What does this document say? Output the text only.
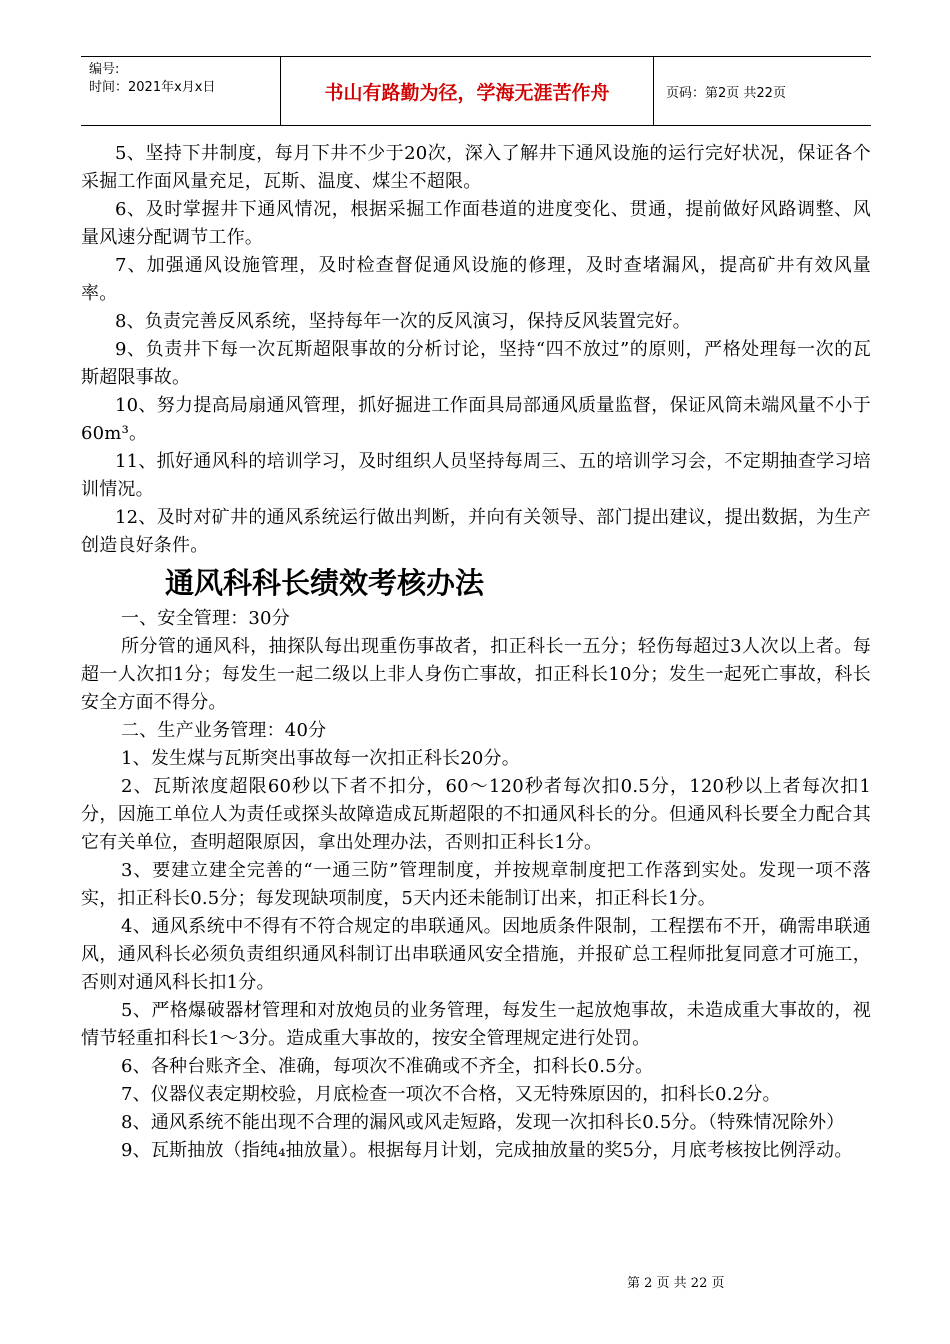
编号:
时间：2021年x月x日	书山有路勤为径，学海无涯苦作舟	页码：第2页 共22页

5、坚持下井制度，每月下井不少于20次，深入了解井下通风设施的运行完好状况，保证各个采掘工作面风量充足，瓦斯、温度、煤尘不超限。

6、及时掌握井下通风情况，根据采掘工作面巷道的进度变化、贯通，提前做好风路调整、风量风速分配调节工作。

7、加强通风设施管理，及时检查督促通风设施的修理，及时查堵漏风，提高矿井有效风量率。

8、负责完善反风系统，坚持每年一次的反风演习，保持反风装置完好。

9、负责井下每一次瓦斯超限事故的分析讨论，坚持“四不放过”的原则，严格处理每一次的瓦斯超限事故。

10、努力提高局扇通风管理，抓好掘进工作面具局部通风质量监督，保证风筒未端风量不小于60m³。

11、抓好通风科的培训学习，及时组织人员坚持每周三、五的培训学习会，不定期抽查学习培训情况。

12、及时对矿井的通风系统运行做出判断，并向有关领导、部门提出建议，提出数据，为生产创造良好条件。

通风科科长绩效考核办法

一、安全管理：30分

所分管的通风科，抽探队每出现重伤事故者，扣正科长一五分；轻伤每超过3人次以上者。每超一人次扣1分；每发生一起二级以上非人身伤亡事故，扣正科长10分；发生一起死亡事故，科长安全方面不得分。

二、生产业务管理：40分

1、发生煤与瓦斯突出事故每一次扣正科长20分。

2、瓦斯浓度超限60秒以下者不扣分，60～120秒者每次扣0.5分，120秒以上者每次扣1分，因施工单位人为责任或探头故障造成瓦斯超限的不扣通风科长的分。但通风科长要全力配合其它有关单位，查明超限原因，拿出处理办法，否则扣正科长1分。

3、要建立建全完善的“一通三防”管理制度，并按规章制度把工作落到实处。发现一项不落实，扣正科长0.5分；每发现缺项制度，5天内还未能制订出来，扣正科长1分。

4、通风系统中不得有不符合规定的串联通风。因地质条件限制，工程摆布不开，确需串联通风，通风科长必须负责组织通风科制订出串联通风安全措施，并报矿总工程师批复同意才可施工，否则对通风科长扣1分。

5、严格爆破器材管理和对放炮员的业务管理，每发生一起放炮事故，未造成重大事故的，视情节轻重扣科长1～3分。造成重大事故的，按安全管理规定进行处罚。

6、各种台账齐全、准确，每项次不准确或不齐全，扣科长0.5分。

7、仪器仪表定期校验，月底检查一项次不合格，又无特殊原因的，扣科长0.2分。

8、通风系统不能出现不合理的漏风或风走短路，发现一次扣科长0.5分。（特殊情况除外）

9、瓦斯抽放（指纯₄抽放量）。根据每月计划，完成抽放量的奖5分，月底考核按比例浮动。

第 2 页 共 22 页
